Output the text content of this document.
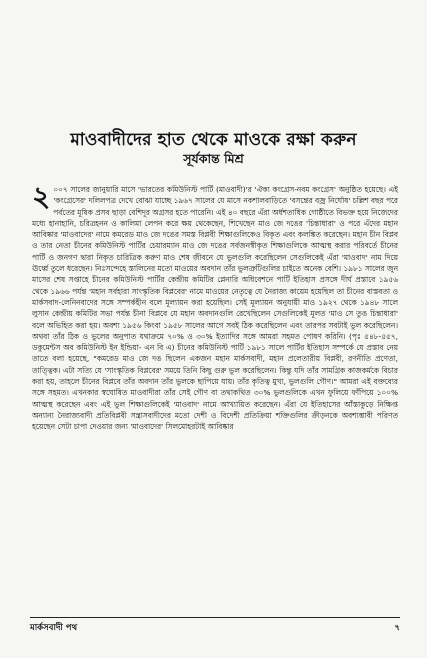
মাওবাদীদের হাত থেকে মাওকে রক্ষা করুন
সূর্যকান্ত মিশ্র
২ ০০৭ সালের জানুয়ারি মাসে 'ভারতের কমিউনিস্ট পার্টি (মাওবাদী)'র 'ঐক্য কংগ্রেস-নবম কংগ্রেস' অনুষ্ঠিত হয়েছে। এই 'কংগ্রেসের' দলিলপত্র দেখে বোঝা যাচ্ছে ১৯৬৭ সালের যে মাসে নকশালবাড়িতে 'বসন্তের বজ্র নির্ঘোষ' চল্লিশ বছর পরে পর্বতের মূষিক প্রসব ছাড়া বেশিদূর অগ্রসর হতে পারেনি। এই ৪০ বছরে এঁরা অর্ধশতাধিক গোষ্ঠীতে বিভক্ত হয়ে নিজেদের মধ্যে হানাহানি, চরিত্রহনন ও কালিমা লেপন করে ক্ষয় থেকেছেন, শিখেছেন মাও জে দঙের 'চিন্তাধারা' ও পরে এঁদের মহান আবিষ্কার 'মাওবাদের' নামে কমরেড মাও জে দঙের সমস্ত বিপ্লবী শিক্ষাগুলিকেও বিকৃত এবং কলঙ্কিত করেছেন। মহান চীন বিপ্লব ও তার নেতা চীনের কমিউনিস্ট পার্টির চেয়ারম্যান মাও জে দঙের সর্বজনস্বীকৃত শিক্ষাগুলিকে আত্মস্থ করার পরিবর্তে চীনের পার্টি ও জনগণ দ্বারা নিকৃত চারিত্রিক করুণ মাও শেষ জীবনে যে ভুলগুলি করেছিলেন সেগুলিকেই এঁরা 'মাওবাদ' নাম দিয়ে ঊর্ধ্বে তুলে ধরেছেন। নিঃসন্দেহে স্তালিনের মতো মাওয়ের অবদান তাঁর ভুলত্রুটিগুলির চাইতে অনেক বেশি। ১৯৮১ সালের জুন মাসের শেষ সপ্তাহে চীনের কমিউনিস্ট পার্টির কেন্দ্রীয় কমিটির প্লেনারি অধিবেশনে পার্টি ইতিহাস প্রসঙ্গে দীর্ঘ প্রস্তাবে ১৯৫৬ থেকে ১৯৬৬ পর্যন্ত 'মহান সর্বহারা সাংস্কৃতিক বিপ্লবের' নামে মাওয়ের নেতৃত্বে যে নৈরাজ্য কায়েম হয়েছিল তা চীনের বাস্তবতা ও মার্কসবাদ-লেনিনবাদের সঙ্গে সম্পর্কহীন বলে মূল্যায়ন করা হয়েছিল। সেই মূল্যায়ন অনুযায়ী মাও ১৯২৭ থেকে ১৯৪৮ সালে লুসান কেন্দ্রীয় কমিটির সভা পর্যন্ত চীনা বিপ্লবে যে মহান অবদানগুলি রেখেছিলেন সেগুলিকেই মূলত 'মাও সে তুঙ চিন্তাধারা' বলে অভিহিত করা হয়। অবশ্য ১৯৫৬ কিংবা ১৯৫৮ সালের আগে সবই ঠিক করেছিলেন এবং তারপর সবটাই ভুল করেছিলেন। অথবা তাঁর ঠিক ও ভুলের অনুপাত যথাক্রমে ৭০% ও ৩০% ইত্যাদির সঙ্গে আমরা সহমত পোষণ করিনি। (পৃঃ ৫৪৮-৫৫৭, ডকুমেন্টস অব কমিউনিস্ট ইন ইন্ডিয়া- এন বি এ) চীনের কমিউনিস্ট পার্টি ১৯৮১ সালে পার্টির ইতিহাস সম্পর্কে যে প্রস্তাব নেয় তাতে বলা হয়েছে, "কমরেড মাও জে দঙ ছিলেন একজন মহান মার্কসবাদী, মহান প্রলেতারীয় বিপ্লবী, রণনীতি প্রণেতা, তাত্ত্বিক। এটা সত্যি যে 'সাংস্কৃতিক বিপ্লবের' সময়ে তিনি কিছু গুরু ভুল করেছিলেন। কিন্তু যদি তাঁর সামগ্রিক কাজকর্মকে বিচার করা হয়, তাহলে চীনের বিপ্লবে তাঁর অবদান তাঁর ভুলকে ছাপিয়ে যায়। তাঁর কৃতিত্ব মুখ্য, ভুলগুলি গৌণ।" আমরা এই বক্তব্যের সঙ্গে সহমত। এখনকার স্বঘোষিত মাওবাদীরা তাঁর সেই গৌণ বা তথাকথিত ৩০% ভুলগুলিকে এখন ফুলিয়ে ফাঁপিয়ে ১০০% আত্মস্থ করেছেন এবং এই ভুল শিক্ষাগুলিকেই 'মাওবাদ' নামে আখ্যায়িত করেছেন। এঁরা যে ইতিহাসের আঁস্তাকুড়ে নিক্ষিপ্ত অন্যান্য নৈরাজ্যবাদী প্রতিবিপ্লবী সন্ত্রাসবাদীদের মতো দেশী ও বিদেশী প্রতিক্রিয়া শক্তিগুলির ক্রীড়নকে অবশ্যম্ভাবী পরিণত হয়েছেন সেটা চাপা দেওয়ার জন্য 'মাওবাদের' সিলমোহরটাই আবিষ্কার
মার্কসবাদী পথ	৭
